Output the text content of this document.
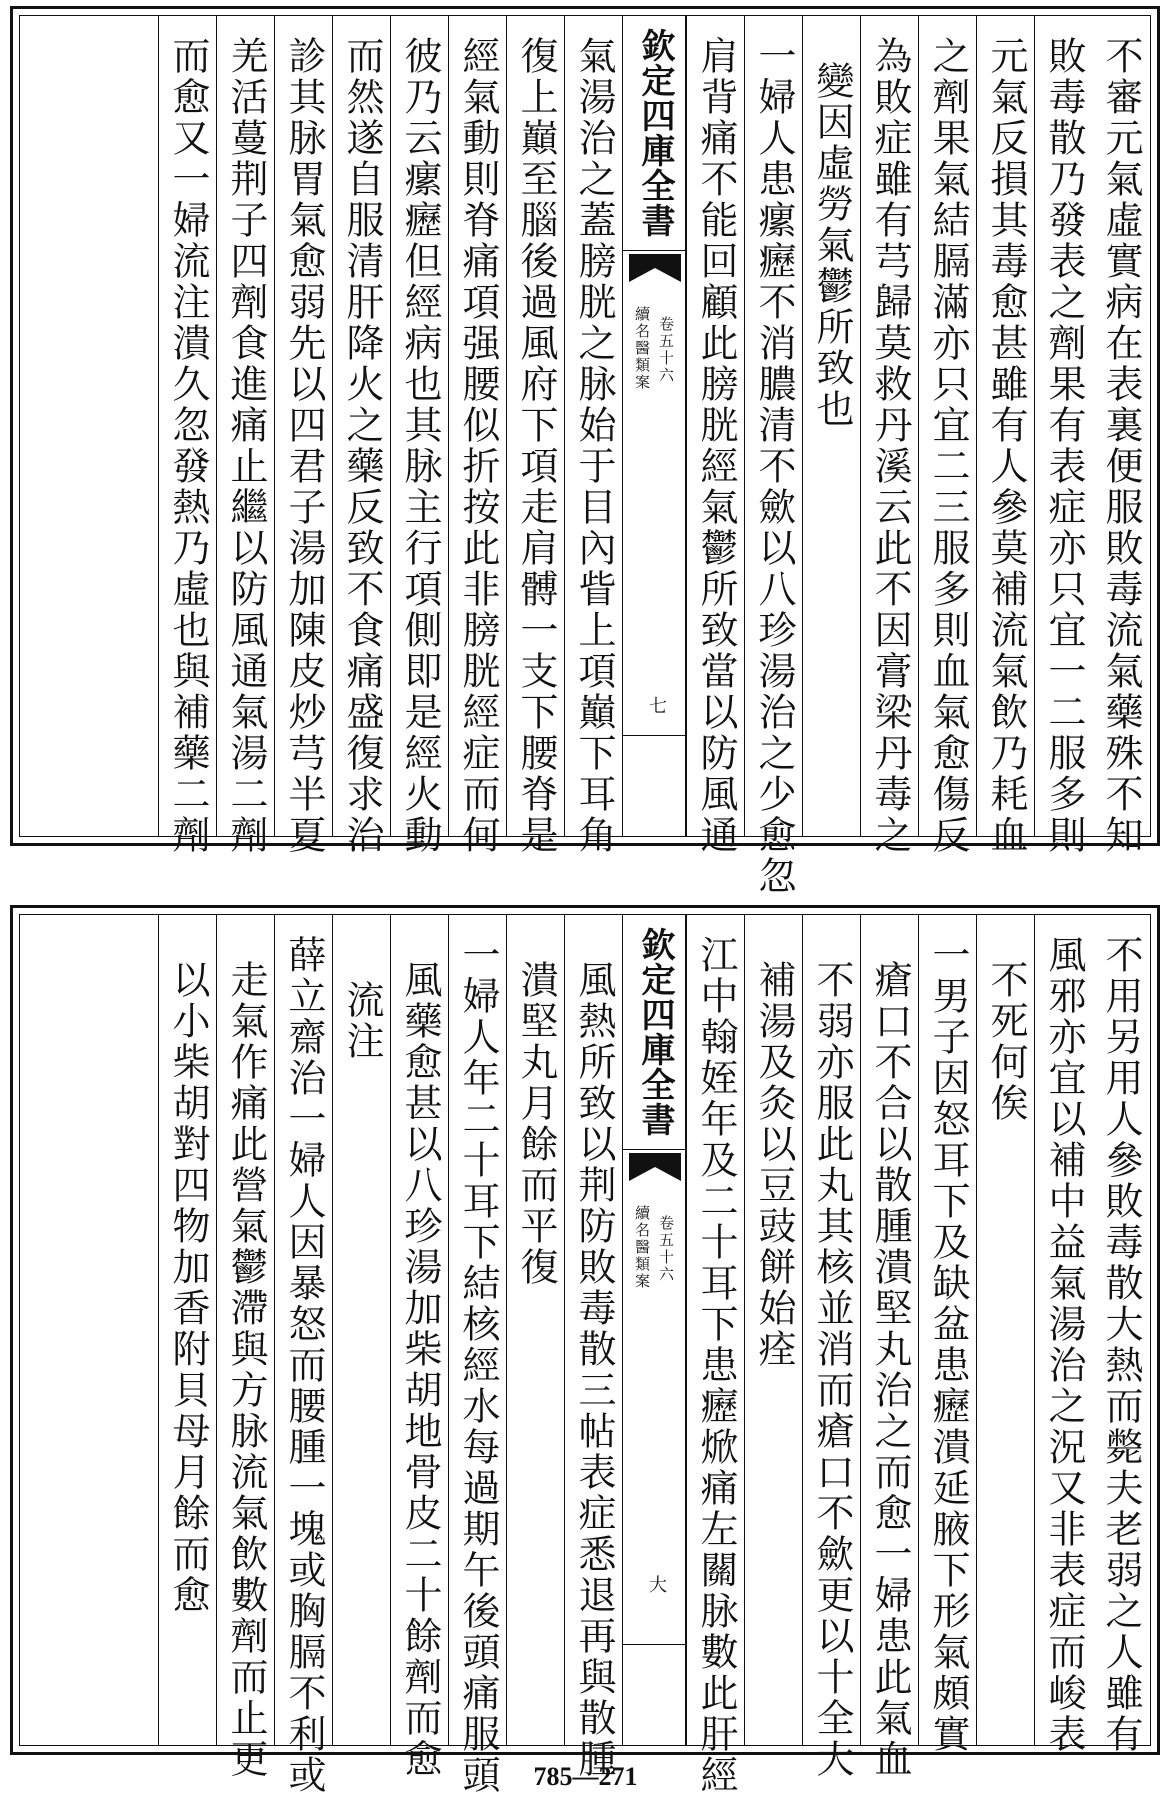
不審元氣虛實病在表裏便服敗毒流氣藥殊不知
敗毒散乃發表之劑果有表症亦只宜一二服多則
元氣反損其毒愈甚雖有人參莫補流氣飲乃耗血
之劑果氣結膈滿亦只宜二三服多則血氣愈傷反
為敗症雖有芎歸莫救丹溪云此不因膏梁丹毒之
變因虛勞氣鬱所致也
一婦人患瘰癧不消膿清不歛以八珍湯治之少愈忽
肩背痛不能回顧此膀胱經氣鬱所致當以防風通
欽定四庫全書
續名醫類案 卷五十六
七
氣湯治之蓋膀胱之脉始于目內眥上項巔下耳角
復上巔至腦後過風府下項走肩髆一支下腰脊是
經氣動則脊痛項强腰似折按此非膀胱經症而何
彼乃云瘰癧但經病也其脉主行項側即是經火動
而然遂自服清肝降火之藥反致不食痛盛復求治
診其脉胃氣愈弱先以四君子湯加陳皮炒芎半夏
羌活蔓荆子四劑食進痛止繼以防風通氣湯二劑
而愈又一婦流注潰久忽發熱乃虛也與補藥二劑
不用另用人參敗毒散大熱而斃夫老弱之人雖有
風邪亦宜以補中益氣湯治之況又非表症而峻表
不死何俟
一男子因怒耳下及缺盆患癧潰延腋下形氣頗實
瘡口不合以散腫潰堅丸治之而愈一婦患此氣血
不弱亦服此丸其核並消而瘡口不歛更以十全大
補湯及灸以豆豉餅始痊
江中翰姪年及二十耳下患癧焮痛左關脉數此肝經
欽定四庫全書
續名醫類案 卷五十六
大
風熱所致以荆防敗毒散三帖表症悉退再與散腫
潰堅丸月餘而平復
一婦人年二十耳下結核經水每過期午後頭痛服頭
風藥愈甚以八珍湯加柴胡地骨皮二十餘劑而愈
流注
薛立齋治一婦人因暴怒而腰腫一塊或胸膈不利或
走氣作痛此營氣鬱滯與方脉流氣飲數劑而止更
以小柴胡對四物加香附貝母月餘而愈
785—271
